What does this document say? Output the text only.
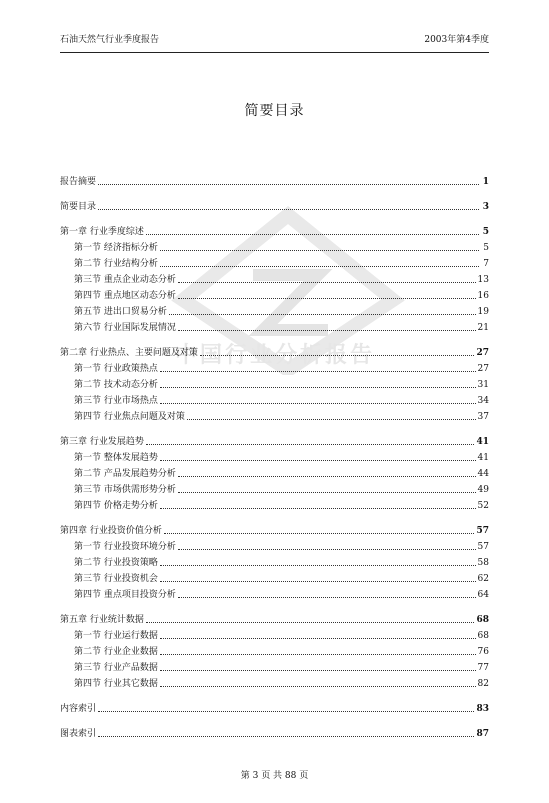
石油天然气行业季度报告	2003年第4季度
中国行业分析报告
简要目录
报告摘要	1
简要目录	3
第一章 行业季度综述	5
第一节 经济指标分析	5
第二节 行业结构分析	7
第三节 重点企业动态分析	13
第四节 重点地区动态分析	16
第五节 进出口贸易分析	19
第六节 行业国际发展情况	21
第二章 行业热点、主要问题及对策	27
第一节 行业政策热点	27
第二节 技术动态分析	31
第三节 行业市场热点	34
第四节 行业焦点问题及对策	37
第三章 行业发展趋势	41
第一节 整体发展趋势	41
第二节 产品发展趋势分析	44
第三节 市场供需形势分析	49
第四节 价格走势分析	52
第四章 行业投资价值分析	57
第一节 行业投资环境分析	57
第二节 行业投资策略	58
第三节 行业投资机会	62
第四节 重点项目投资分析	64
第五章 行业统计数据	68
第一节 行业运行数据	68
第二节 行业企业数据	76
第三节 行业产品数据	77
第四节 行业其它数据	82
内容索引	83
图表索引	87
第 3 页 共 88 页
